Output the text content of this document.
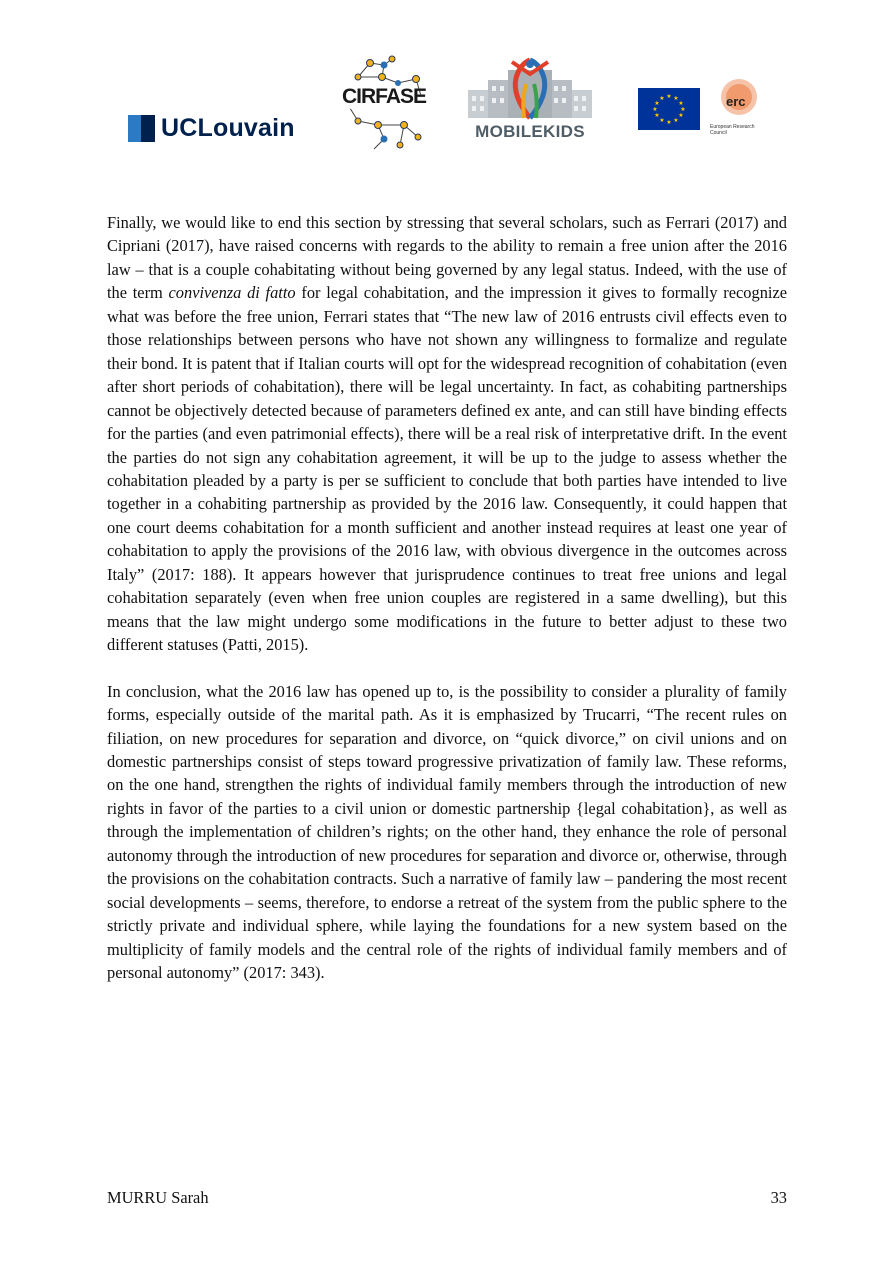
UCLouvain
CIRFASE
MOBILEKIDS
★ ★
★
★
★
★
★
★
★
★
★
★	erc
European Research Council

Finally, we would like to end this section by stressing that several scholars, such as Ferrari (2017) and Cipriani (2017), have raised concerns with regards to the ability to remain a free union after the 2016 law – that is a couple cohabitating without being governed by any legal status. Indeed, with the use of the term convivenza di fatto for legal cohabitation, and the impression it gives to formally recognize what was before the free union, Ferrari states that “The new law of 2016 entrusts civil effects even to those relationships between persons who have not shown any willingness to formalize and regulate their bond. It is patent that if Italian courts will opt for the widespread recognition of cohabitation (even after short periods of cohabitation), there will be legal uncertainty. In fact, as cohabiting partnerships cannot be objectively detected because of parameters defined ex ante, and can still have binding effects for the parties (and even patrimonial effects), there will be a real risk of interpretative drift. In the event the parties do not sign any cohabitation agreement, it will be up to the judge to assess whether the cohabitation pleaded by a party is per se sufficient to conclude that both parties have intended to live together in a cohabiting partnership as provided by the 2016 law. Consequently, it could happen that one court deems cohabitation for a month sufficient and another instead requires at least one year of cohabitation to apply the provisions of the 2016 law, with obvious divergence in the outcomes across Italy” (2017: 188). It appears however that jurisprudence continues to treat free unions and legal cohabitation separately (even when free union couples are registered in a same dwelling), but this means that the law might undergo some modifications in the future to better adjust to these two different statuses (Patti, 2015).

In conclusion, what the 2016 law has opened up to, is the possibility to consider a plurality of family forms, especially outside of the marital path. As it is emphasized by Trucarri, “The recent rules on filiation, on new procedures for separation and divorce, on “quick divorce,” on civil unions and on domestic partnerships consist of steps toward progressive privatization of family law. These reforms, on the one hand, strengthen the rights of individual family members through the introduction of new rights in favor of the parties to a civil union or domestic partnership {legal cohabitation}, as well as through the implementation of children’s rights; on the other hand, they enhance the role of personal autonomy through the introduction of new procedures for separation and divorce or, otherwise, through the provisions on the cohabitation contracts. Such a narrative of family law – pandering the most recent social developments – seems, therefore, to endorse a retreat of the system from the public sphere to the strictly private and individual sphere, while laying the foundations for a new system based on the multiplicity of family models and the central role of the rights of individual family members and of personal autonomy” (2017: 343).

MURRU Sarah	33
